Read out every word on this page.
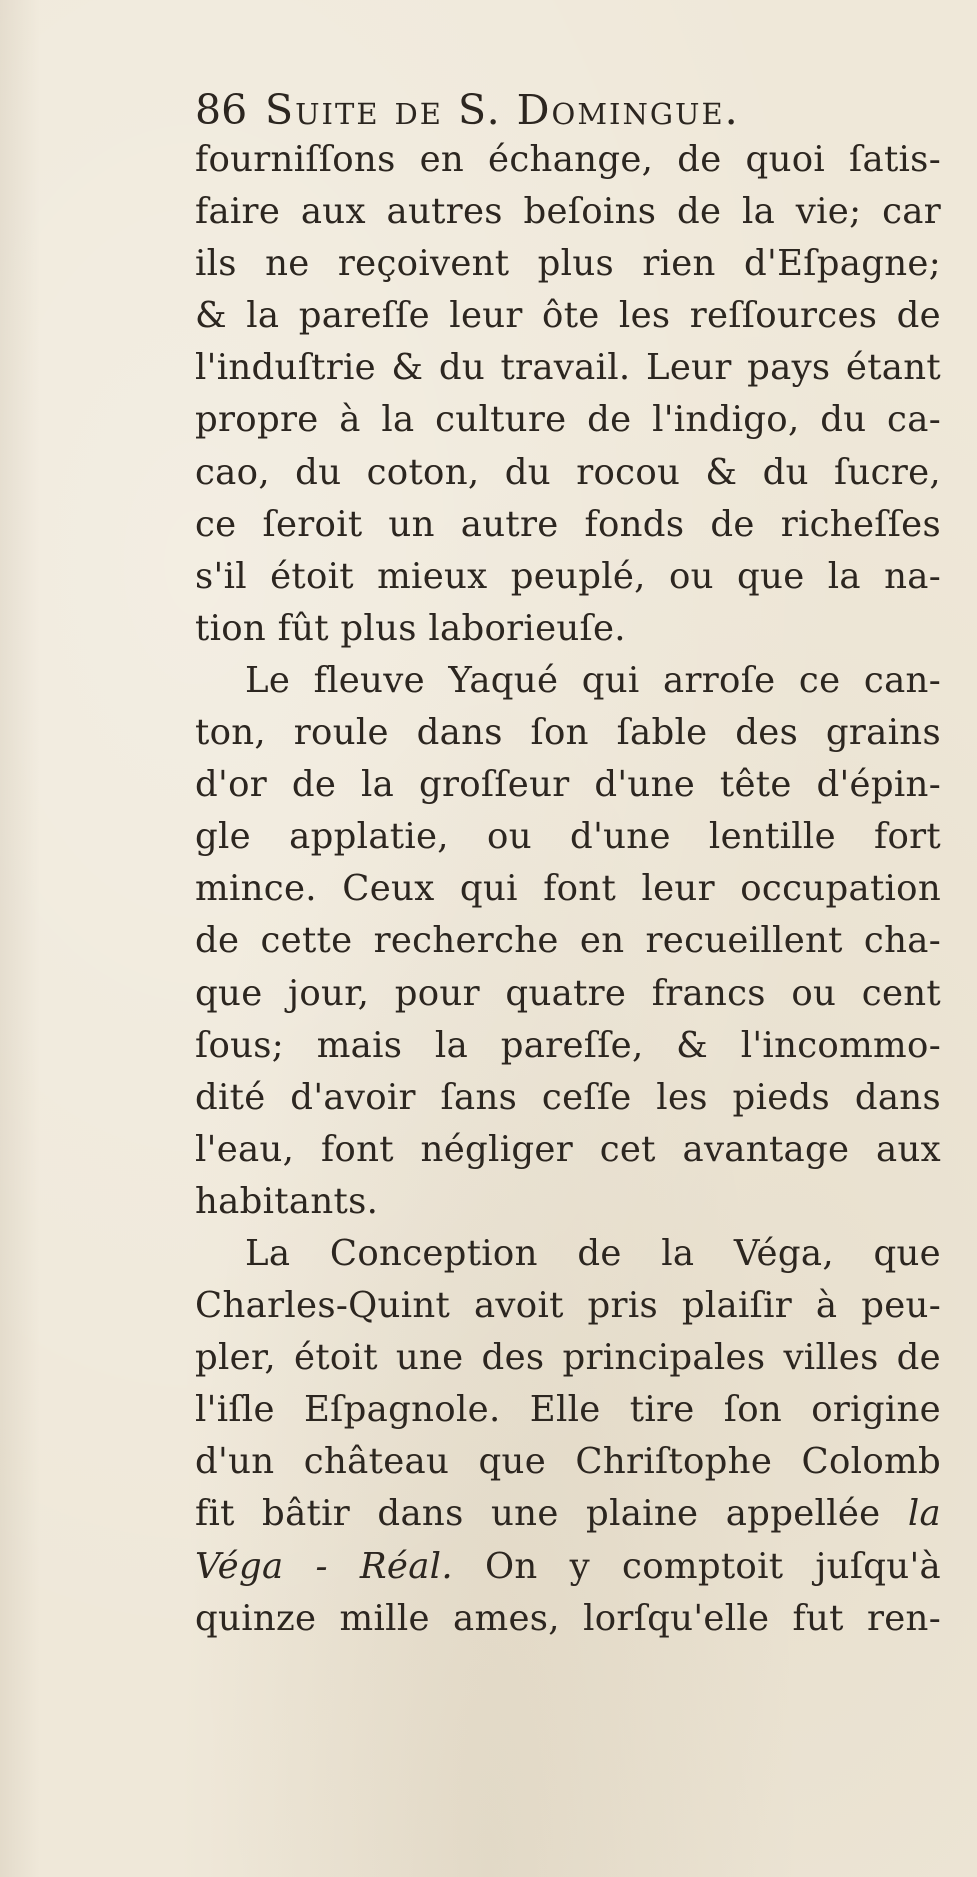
86 Suite de S. Domingue.
fourniſſons en échange, de quoi ſatis-
faire aux autres beſoins de la vie; car
ils ne reçoivent plus rien d'Eſpagne;
& la pareſſe leur ôte les reſſources de
l'induſtrie & du travail. Leur pays étant
propre à la culture de l'indigo, du ca-
cao, du coton, du rocou & du ſucre,
ce ſeroit un autre fonds de richeſſes
s'il étoit mieux peuplé, ou que la na-
tion fût plus laborieuſe.
Le fleuve Yaqué qui arroſe ce can-
ton, roule dans ſon ſable des grains
d'or de la groſſeur d'une tête d'épin-
gle applatie, ou d'une lentille fort
mince. Ceux qui font leur occupation
de cette recherche en recueillent cha-
que jour, pour quatre francs ou cent
ſous; mais la pareſſe, & l'incommo-
dité d'avoir ſans ceſſe les pieds dans
l'eau, font négliger cet avantage aux
habitants.
La Conception de la Véga, que
Charles-Quint avoit pris plaiſir à peu-
pler, étoit une des principales villes de
l'iſle Eſpagnole. Elle tire ſon origine
d'un château que Chriſtophe Colomb
fit bâtir dans une plaine appellée la
Véga - Réal. On y comptoit juſqu'à
quinze mille ames, lorſqu'elle fut ren-
